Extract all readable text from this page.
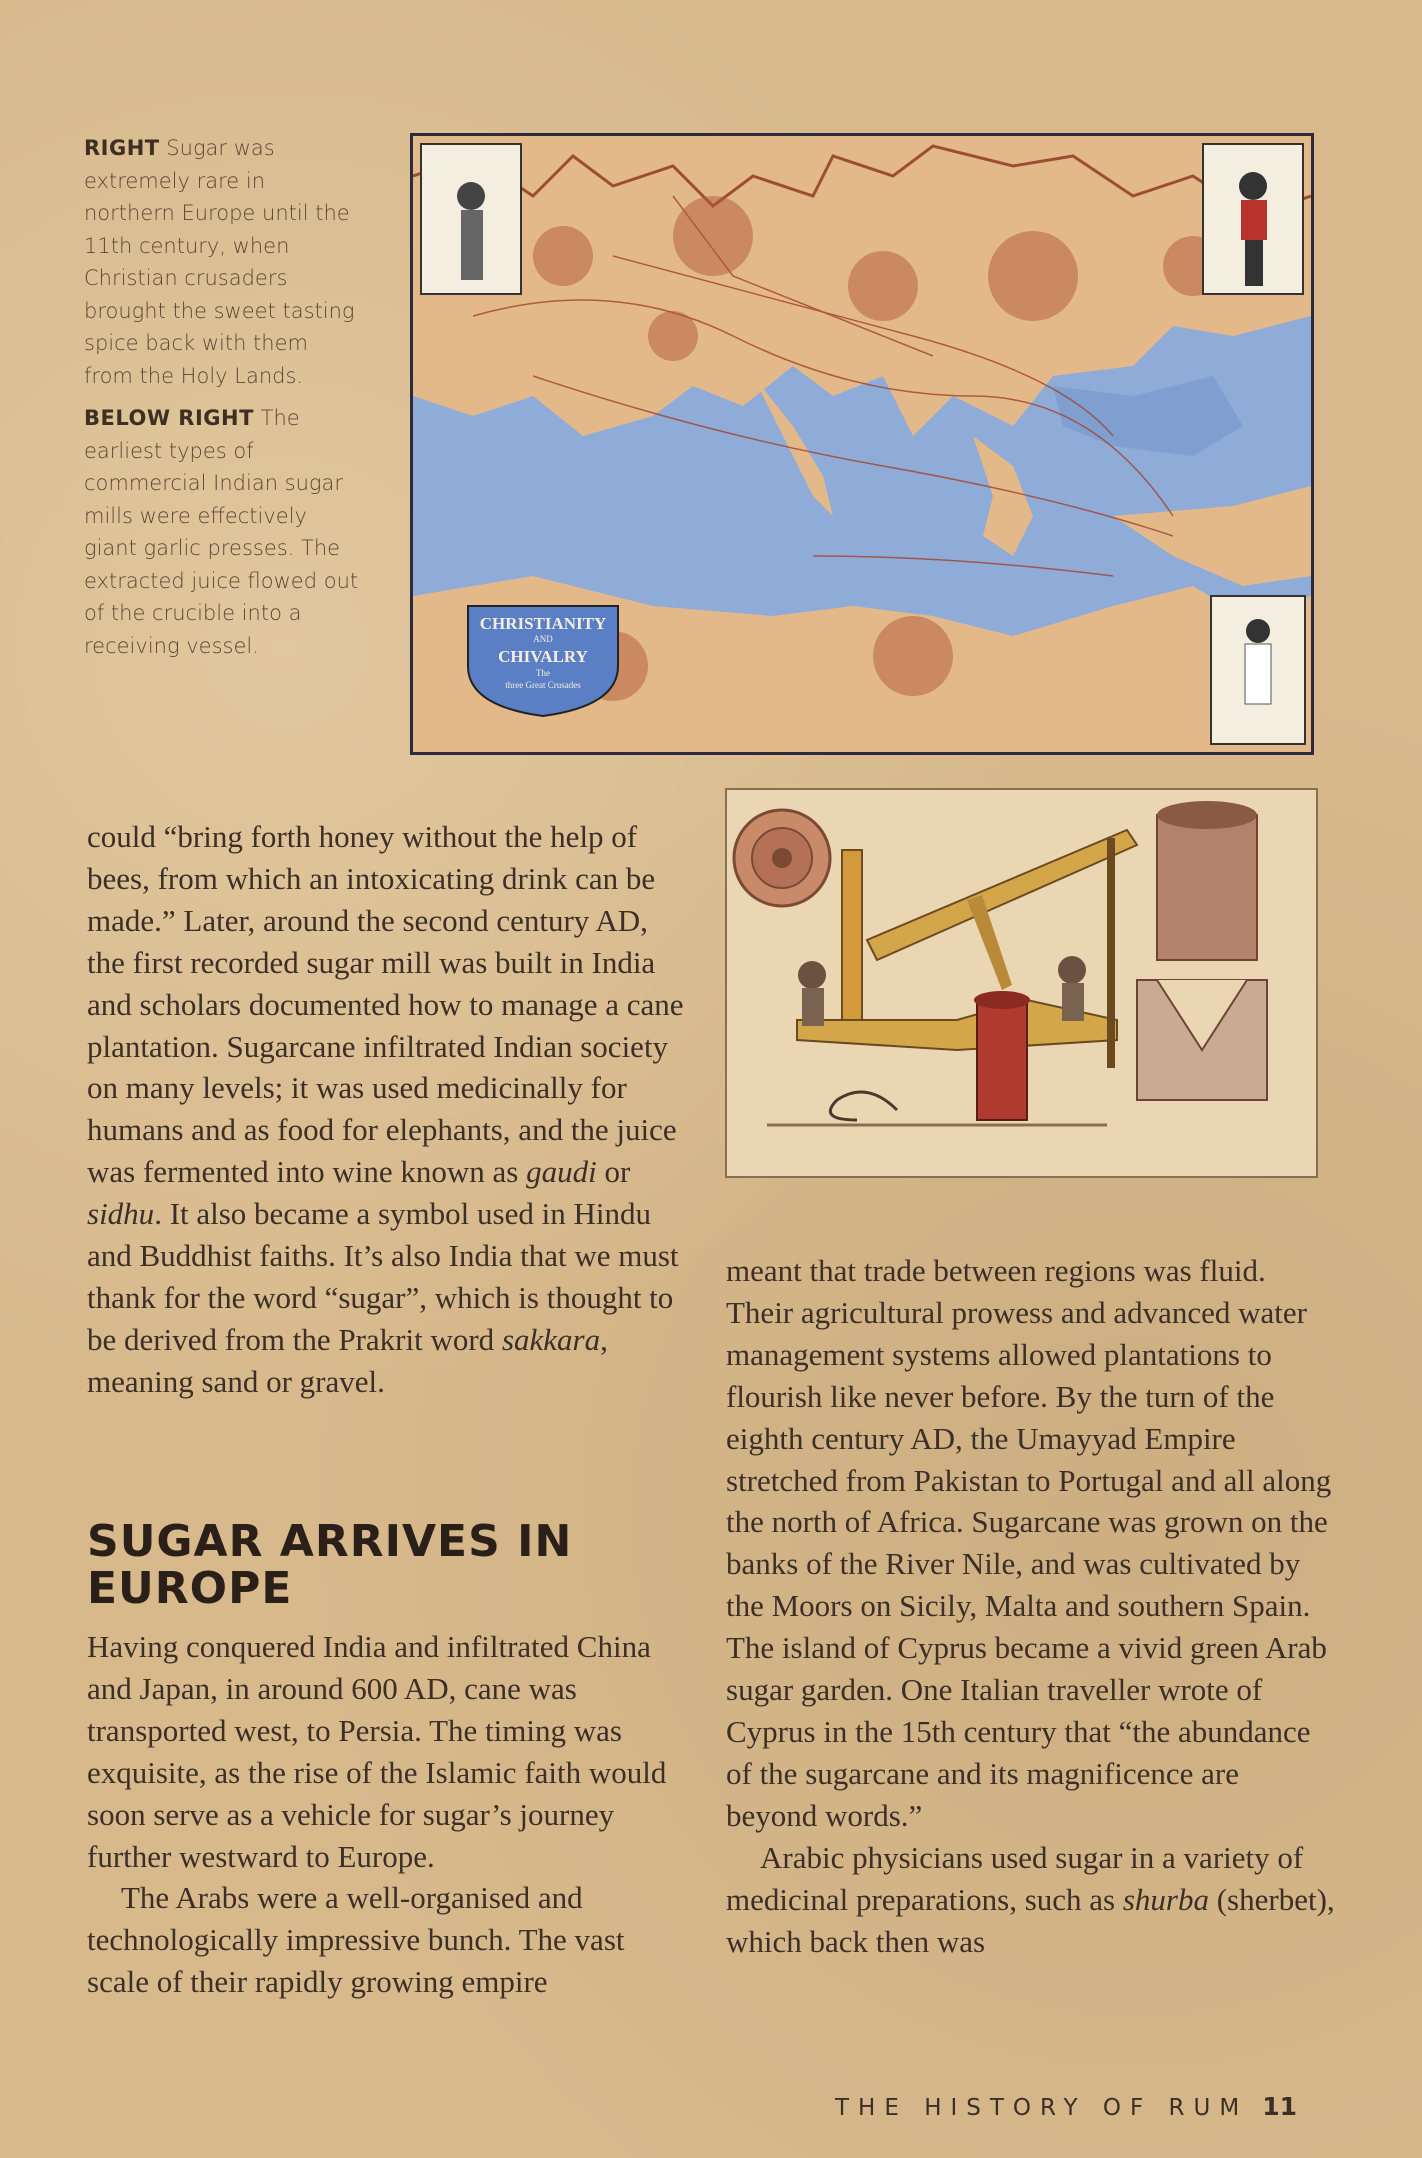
RIGHT Sugar was extremely rare in northern Europe until the 11th century, when Christian crusaders brought the sweet tasting spice back with them from the Holy Lands.

BELOW RIGHT The earliest types of commercial Indian sugar mills were effectively giant garlic presses. The extracted juice flowed out of the crucible into a receiving vessel.

CHRISTIANITY
AND
CHIVALRY
The
three Great Crusades

could “bring forth honey without the help of bees, from which an intoxicating drink can be made.” Later, around the second century AD, the first recorded sugar mill was built in India and scholars documented how to manage a cane plantation. Sugarcane infiltrated Indian society on many levels; it was used medicinally for humans and as food for elephants, and the juice was fermented into wine known as gaudi or sidhu. It also became a symbol used in Hindu and Buddhist faiths. It’s also India that we must thank for the word “sugar”, which is thought to be derived from the Prakrit word sakkara, meaning sand or gravel.

SUGAR ARRIVES IN EUROPE

Having conquered India and infiltrated China and Japan, in around 600 AD, cane was transported west, to Persia. The timing was exquisite, as the rise of the Islamic faith would soon serve as a vehicle for sugar’s journey further westward to Europe.

The Arabs were a well-organised and technologically impressive bunch. The vast scale of their rapidly growing empire

meant that trade between regions was fluid. Their agricultural prowess and advanced water management systems allowed plantations to flourish like never before. By the turn of the eighth century AD, the Umayyad Empire stretched from Pakistan to Portugal and all along the north of Africa. Sugarcane was grown on the banks of the River Nile, and was cultivated by the Moors on Sicily, Malta and southern Spain. The island of Cyprus became a vivid green Arab sugar garden. One Italian traveller wrote of Cyprus in the 15th century that “the abundance of the sugarcane and its magnificence are beyond words.”

Arabic physicians used sugar in a variety of medicinal preparations, such as shurba (sherbet), which back then was

THE HISTORY OF RUM 11
